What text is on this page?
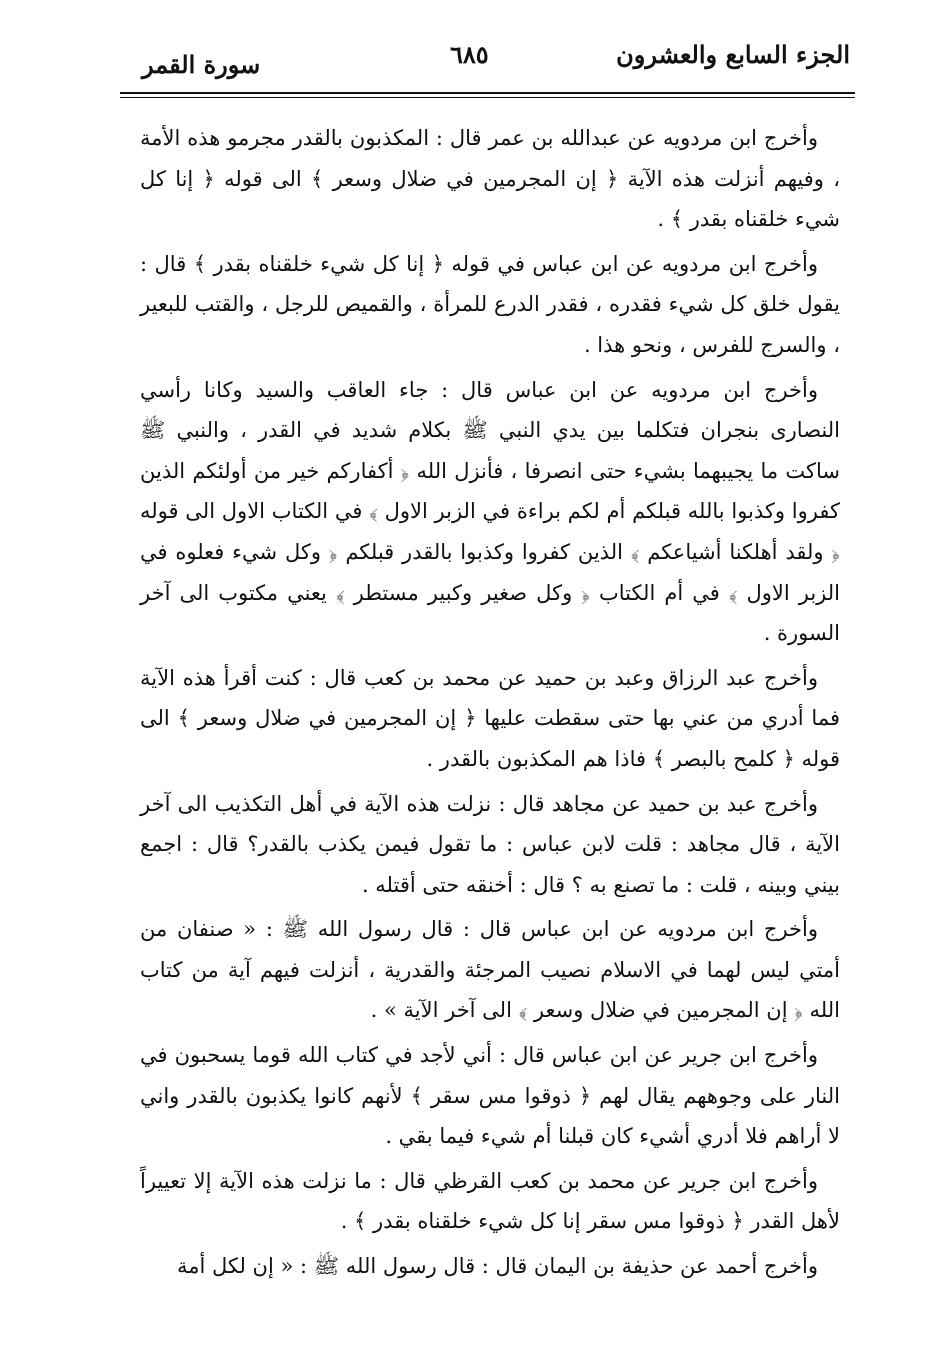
الجزء السابع والعشرون
٦٨٥
سورة القمر

وأخرج ابن مردويه عن عبدالله بن عمر قال : المكذبون بالقدر مجرمو هذه الأمة ، وفيهم أنزلت هذه الآية ﴿ إن المجرمين في ضلال وسعر ﴾ الى قوله ﴿ إنا كل شيء خلقناه بقدر ﴾ .

وأخرج ابن مردويه عن ابن عباس في قوله ﴿ إنا كل شيء خلقناه بقدر ﴾ قال : يقول خلق كل شيء فقدره ، فقدر الدرع للمرأة ، والقميص للرجل ، والقتب للبعير ، والسرج للفرس ، ونحو هذا .

وأخرج ابن مردويه عن ابن عباس قال : جاء العاقب والسيد وكانا رأسي النصارى بنجران فتكلما بين يدي النبي ﷺ بكلام شديد في القدر ، والنبي ﷺ ساكت ما يجيبهما بشيء حتى انصرفا ، فأنزل الله ﴿ أكفاركم خير من أولئكم الذين كفروا وكذبوا بالله قبلكم أم لكم براءة في الزبر الاول ﴾ في الكتاب الاول الى قوله ﴿ ولقد أهلكنا أشياعكم ﴾ الذين كفروا وكذبوا بالقدر قبلكم ﴿ وكل شيء فعلوه في الزبر الاول ﴾ في أم الكتاب ﴿ وكل صغير وكبير مستطر ﴾ يعني مكتوب الى آخر السورة .

وأخرج عبد الرزاق وعبد بن حميد عن محمد بن كعب قال : كنت أقرأ هذه الآية فما أدري من عني بها حتى سقطت عليها ﴿ إن المجرمين في ضلال وسعر ﴾ الى قوله ﴿ كلمح بالبصر ﴾ فاذا هم المكذبون بالقدر .

وأخرج عبد بن حميد عن مجاهد قال : نزلت هذه الآية في أهل التكذيب الى آخر الآية ، قال مجاهد : قلت لابن عباس : ما تقول فيمن يكذب بالقدر؟ قال : اجمع بيني وبينه ، قلت : ما تصنع به ؟ قال : أخنقه حتى أقتله .

وأخرج ابن مردويه عن ابن عباس قال : قال رسول الله ﷺ : « صنفان من أمتي ليس لهما في الاسلام نصيب المرجئة والقدرية ، أنزلت فيهم آية من كتاب الله ﴿ إن المجرمين في ضلال وسعر ﴾ الى آخر الآية » .

وأخرج ابن جرير عن ابن عباس قال : أني لأجد في كتاب الله قوما يسحبون في النار على وجوههم يقال لهم ﴿ ذوقوا مس سقر ﴾ لأنهم كانوا يكذبون بالقدر واني لا أراهم فلا أدري أشيء كان قبلنا أم شيء فيما بقي .

وأخرج ابن جرير عن محمد بن كعب القرظي قال : ما نزلت هذه الآية إلا تعييراً لأهل القدر ﴿ ذوقوا مس سقر إنا كل شيء خلقناه بقدر ﴾ .

وأخرج أحمد عن حذيفة بن اليمان قال : قال رسول الله ﷺ : « إن لكل أمة
